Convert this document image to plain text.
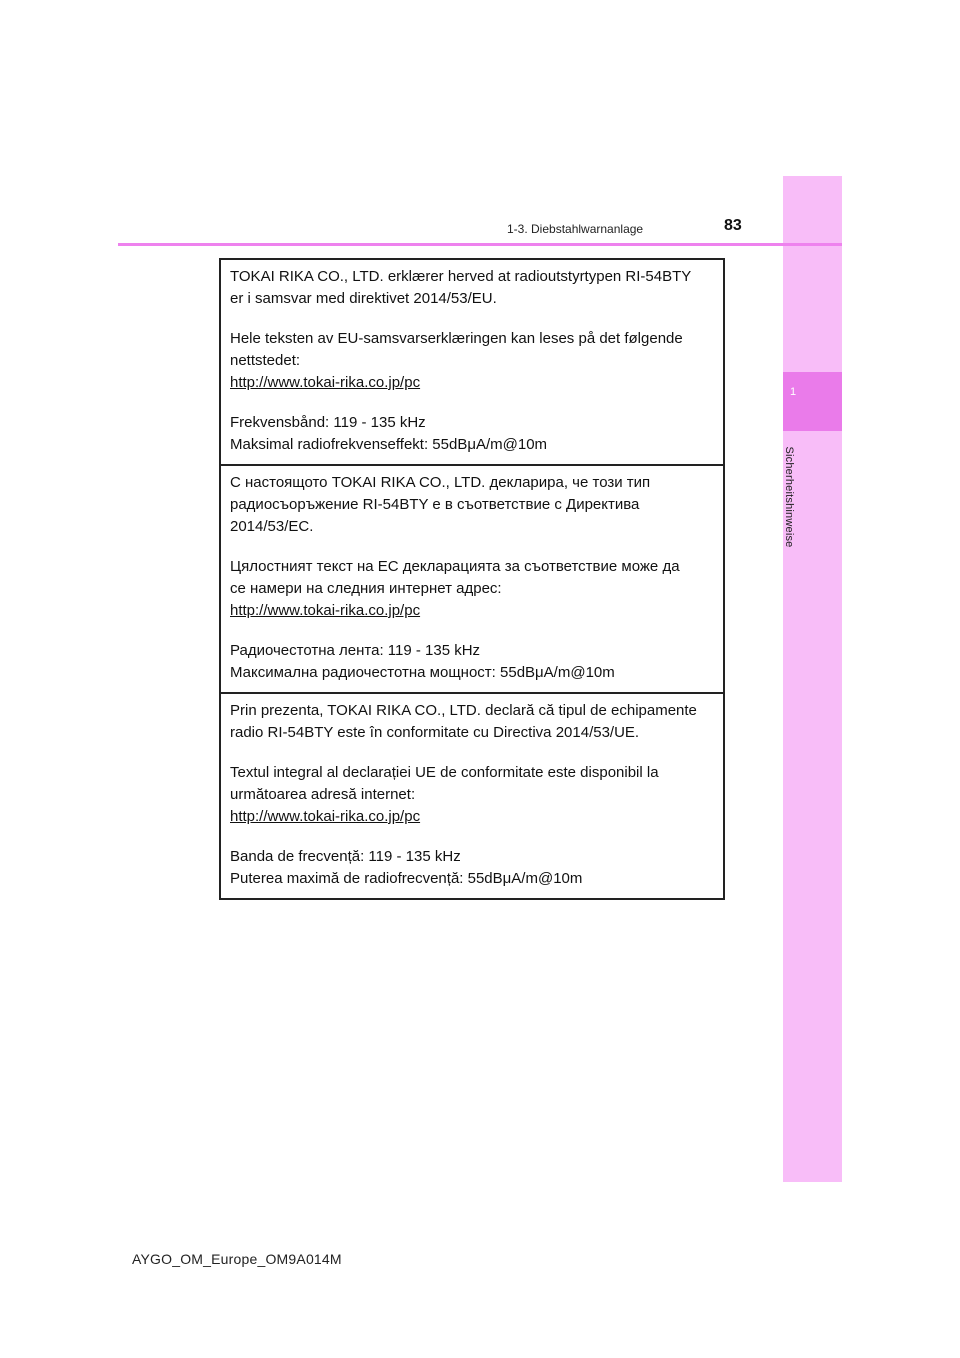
1
Sicherheitshinweise
1-3. Diebstahlwarnanlage	83

TOKAI RIKA CO., LTD. erklærer herved at radioutstyrtypen RI-54BTY

er i samsvar med direktivet 2014/53/EU.

Hele teksten av EU-samsvarserklæringen kan leses på det følgende

nettstedet:

http://www.tokai-rika.co.jp/pc

Frekvensbånd: 119 - 135 kHz

Maksimal radiofrekvenseffekt: 55dBμA/m@10m

С настоящото TOKAI RIKA CO., LTD. декларира, че този тип

радиосъоръжение RI-54BTY е в съответствие с Директива

2014/53/ЕС.

Цялостният текст на ЕС декларацията за съответствие може да

се намери на следния интернет адрес:

http://www.tokai-rika.co.jp/pc

Радиочестотна лента: 119 - 135 kHz

Максимална радиочестотна мощност: 55dBμA/m@10m

Prin prezenta, TOKAI RIKA CO., LTD. declară că tipul de echipamente

radio RI-54BTY este în conformitate cu Directiva 2014/53/UE.

Textul integral al declarației UE de conformitate este disponibil la

următoarea adresă internet:

http://www.tokai-rika.co.jp/pc

Banda de frecvență: 119 - 135 kHz

Puterea maximă de radiofrecvență: 55dBμA/m@10m

AYGO_OM_Europe_OM9A014M
